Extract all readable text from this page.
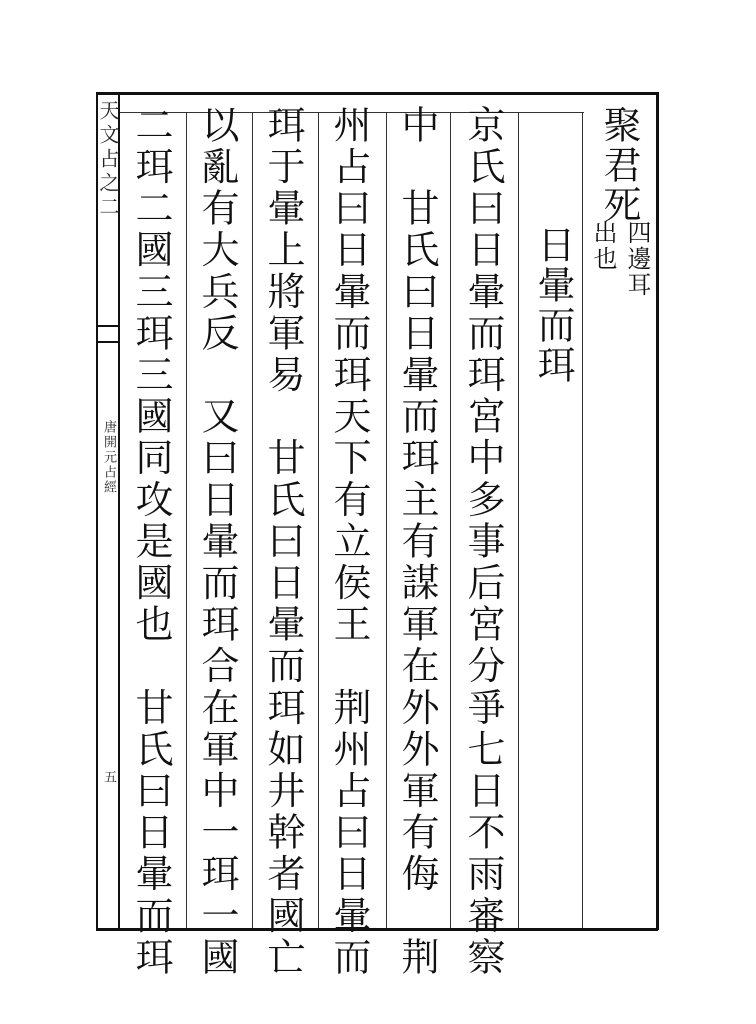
天文占之二
唐開元占經
五
聚君死
四邊耳
出也
日暈而珥
京氏曰日暈而珥宮中多事后宮分爭七日不雨審察
中　甘氏曰日暈而珥主有謀軍在外外軍有侮　荆
州占曰日暈而珥天下有立侯王　荆州占曰日暈而
珥于暈上將軍易　甘氏曰日暈而珥如井幹者國亡
以亂有大兵反　又曰日暈而珥合在軍中一珥一國
二珥二國三珥三國同攻是國也　甘氏曰日暈而珥
